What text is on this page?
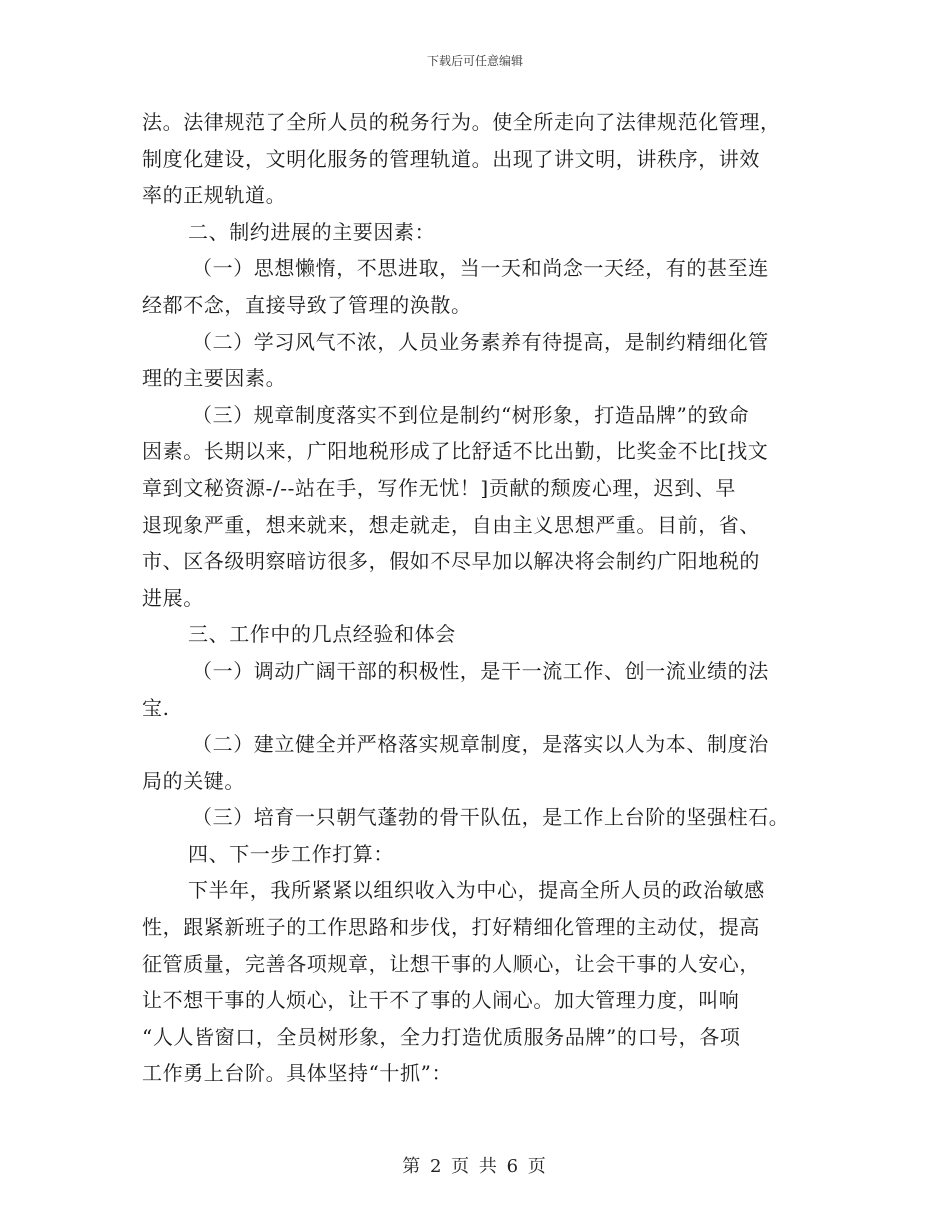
下载后可任意编辑
法。法律规范了全所人员的税务行为。使全所走向了法律规范化管理，
制度化建设，文明化服务的管理轨道。出现了讲文明，讲秩序，讲效
率的正规轨道。
二、制约进展的主要因素：
（一）思想懒惰，不思进取，当一天和尚念一天经，有的甚至连
经都不念，直接导致了管理的涣散。
（二）学习风气不浓，人员业务素养有待提高，是制约精细化管
理的主要因素。
（三）规章制度落实不到位是制约“树形象，打造品牌”的致命
因素。长期以来，广阳地税形成了比舒适不比出勤，比奖金不比[找文
章到文秘资源-/--站在手，写作无忧！]贡献的颓废心理，迟到、早
退现象严重，想来就来，想走就走，自由主义思想严重。目前，省、
市、区各级明察暗访很多，假如不尽早加以解决将会制约广阳地税的
进展。
三、工作中的几点经验和体会
（一）调动广阔干部的积极性，是干一流工作、创一流业绩的法
宝.
（二）建立健全并严格落实规章制度，是落实以人为本、制度治
局的关键。
（三）培育一只朝气蓬勃的骨干队伍，是工作上台阶的坚强柱石。
四、下一步工作打算：
下半年，我所紧紧以组织收入为中心，提高全所人员的政治敏感
性，跟紧新班子的工作思路和步伐，打好精细化管理的主动仗，提高
征管质量，完善各项规章，让想干事的人顺心，让会干事的人安心，
让不想干事的人烦心，让干不了事的人闹心。加大管理力度，叫响
“人人皆窗口，全员树形象，全力打造优质服务品牌”的口号，各项
工作勇上台阶。具体坚持“十抓”：
第 2 页 共 6 页
